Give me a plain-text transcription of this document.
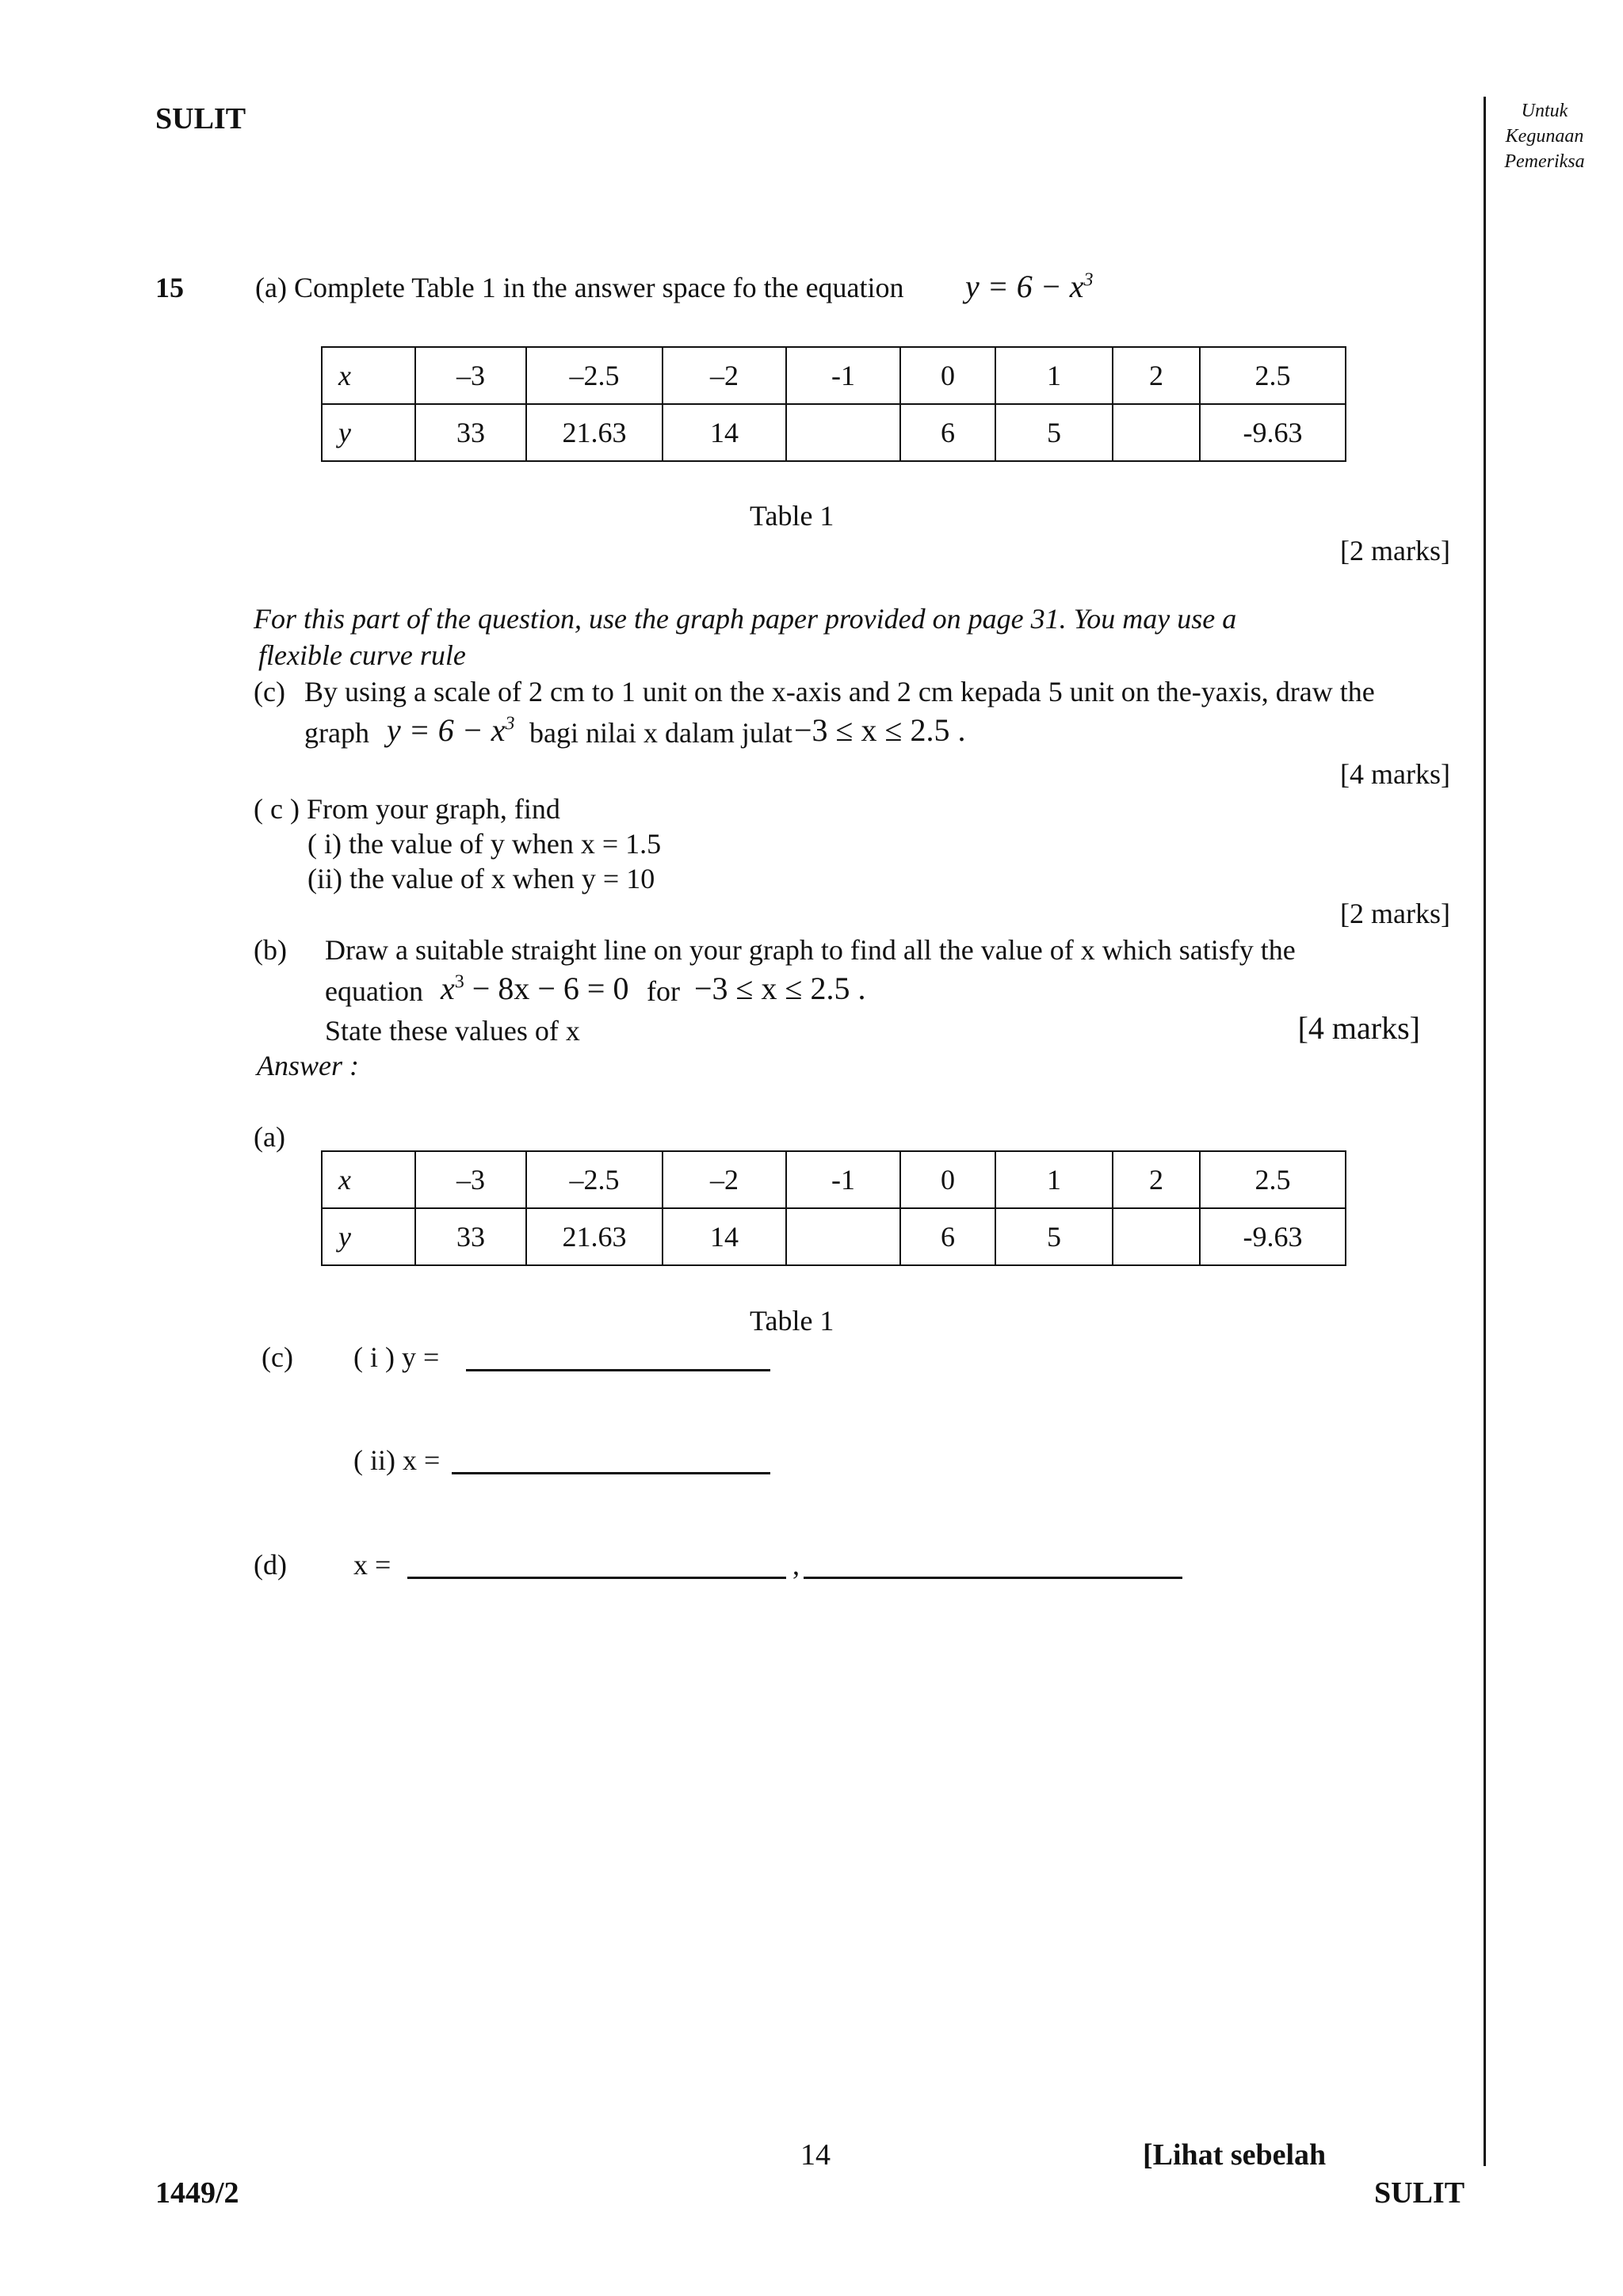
SULIT	Untuk
Kegunaan
Pemeriksa
15	(a) Complete Table 1 in the answer space fo the equation $y = 6 - x^3$
x	–3	–2.5	–2	-1	0	1	2	2.5
y	33	21.63	14		6	5		-9.63
Table 1
[2 marks]
For this part of the question, use the graph paper provided on page 31. You may use a
flexible curve rule
(c) By using a scale of 2 cm to 1 unit on the x-axis and 2 cm kepada 5 unit on the-yaxis, draw the
graph $y = 6 - x^3$ bagi nilai x dalam julat −3 ≤ x ≤ 2.5 .
[4 marks]
( c ) From your graph, find
( i) the value of y when x = 1.5
(ii) the value of x when y = 10
[2 marks]
(b) Draw a suitable straight line on your graph to find all the value of x which satisfy the
equation $x^3 - 8x - 6 = 0$ for −3 ≤ x ≤ 2.5 .
State these values of x	[4 marks]
Answer :
(a)
x	–3	–2.5	–2	-1	0	1	2	2.5
y	33	21.63	14		6	5		-9.63
Table 1
(c) ( i ) y =
( ii) x =
(d) x =	,
14	[Lihat sebelah
1449/2	SULIT
